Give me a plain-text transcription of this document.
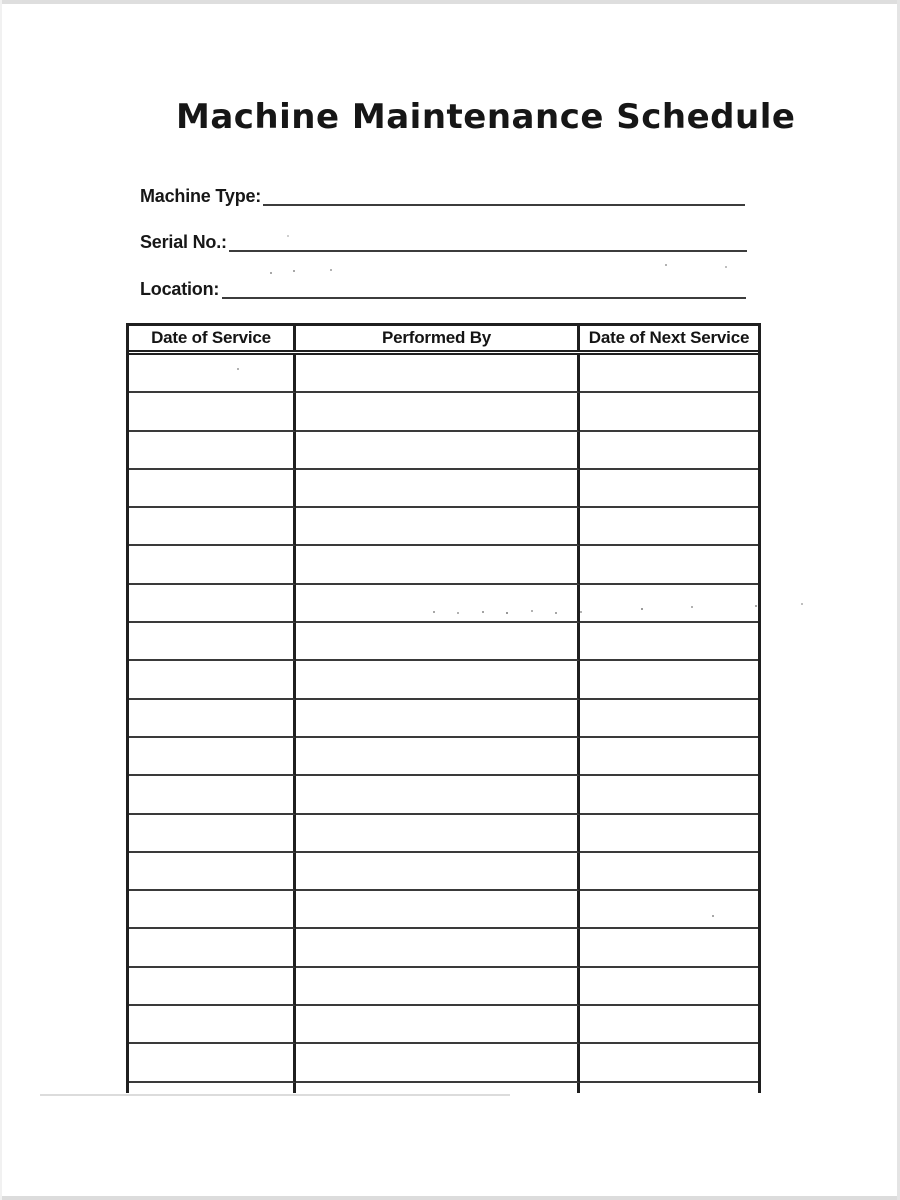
Machine Maintenance Schedule
Machine Type:
Serial No.:
Location:
Date of Service	Performed By	Date of Next Service
